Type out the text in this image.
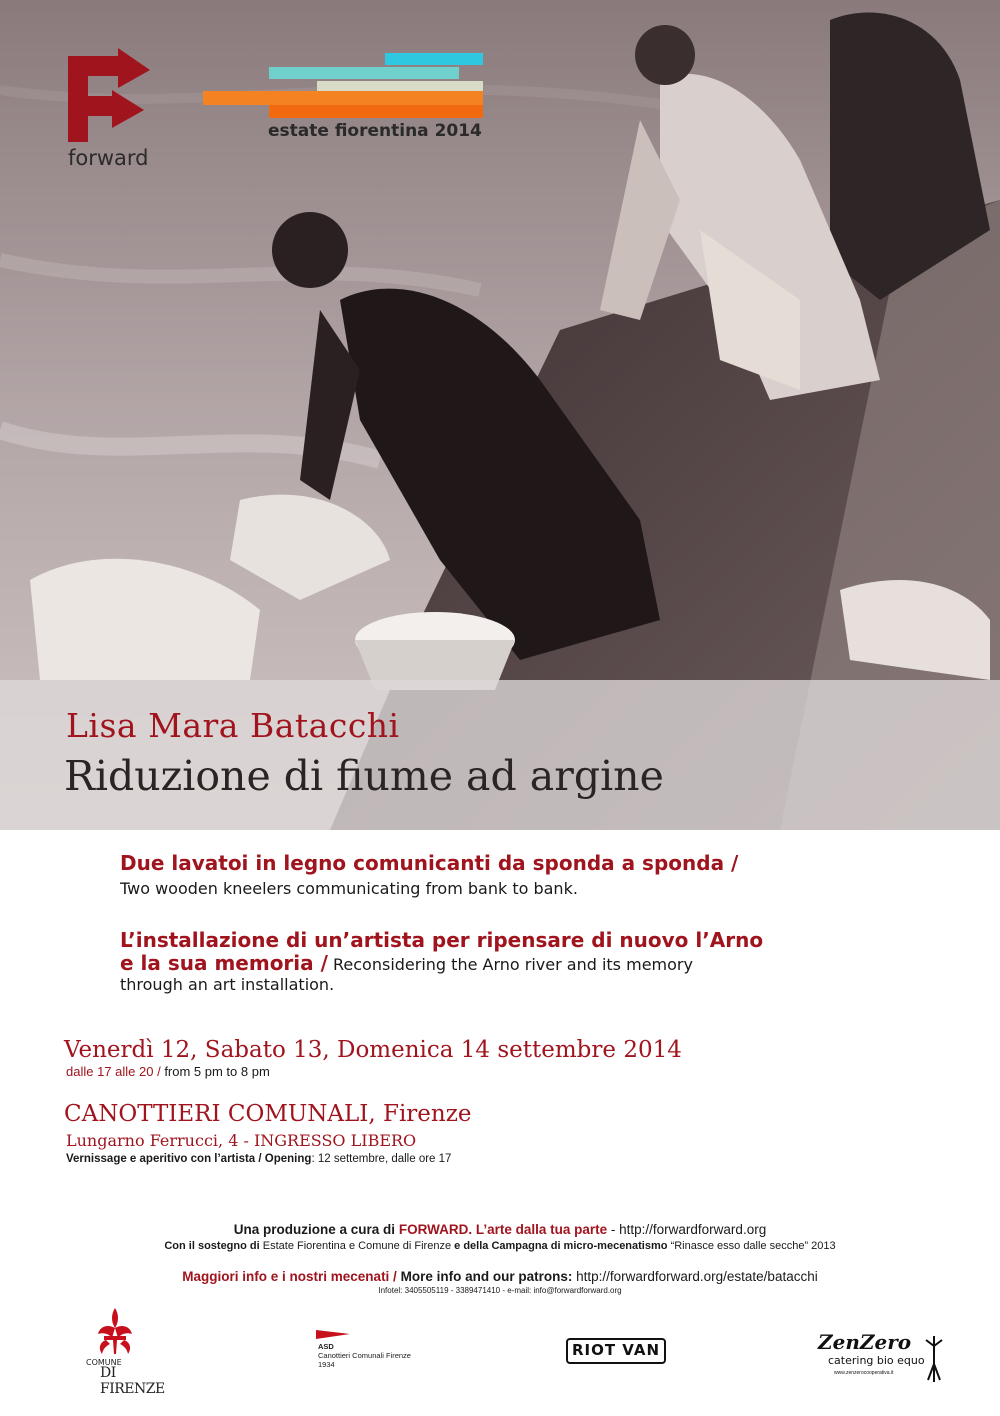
forward
estate fiorentina 2014
Lisa Mara Batacchi
Riduzione di fiume ad argine
Due lavatoi in legno comunicanti da sponda a sponda /
Two wooden kneelers communicating from bank to bank.
L’installazione di un’artista per ripensare di nuovo l’Arno
e la sua memoria / Reconsidering the Arno river and its memory
through an art installation.
Venerdì 12, Sabato 13, Domenica 14 settembre 2014
dalle 17 alle 20 / from 5 pm to 8 pm
CANOTTIERI COMUNALI, Firenze
Lungarno Ferrucci, 4 - INGRESSO LIBERO
Vernissage e aperitivo con l’artista / Opening: 12 settembre, dalle ore 17
Una produzione a cura di FORWARD. L’arte dalla tua parte - http://forwardforward.org
Con il sostegno di Estate Fiorentina e Comune di Firenze e della Campagna di micro-mecenatismo “Rinasce esso dalle secche” 2013
Maggiori info e i nostri mecenati / More info and our patrons: http://forwardforward.org/estate/batacchi
Infotel: 3405505119 - 3389471410 - e-mail: info@forwardforward.org
COMUNE
DI FIRENZE
ASD
Canottieri Comunali Firenze
1934
RIOT VAN	ZenZero
catering bio equo
www.zenzerocooperativa.it
